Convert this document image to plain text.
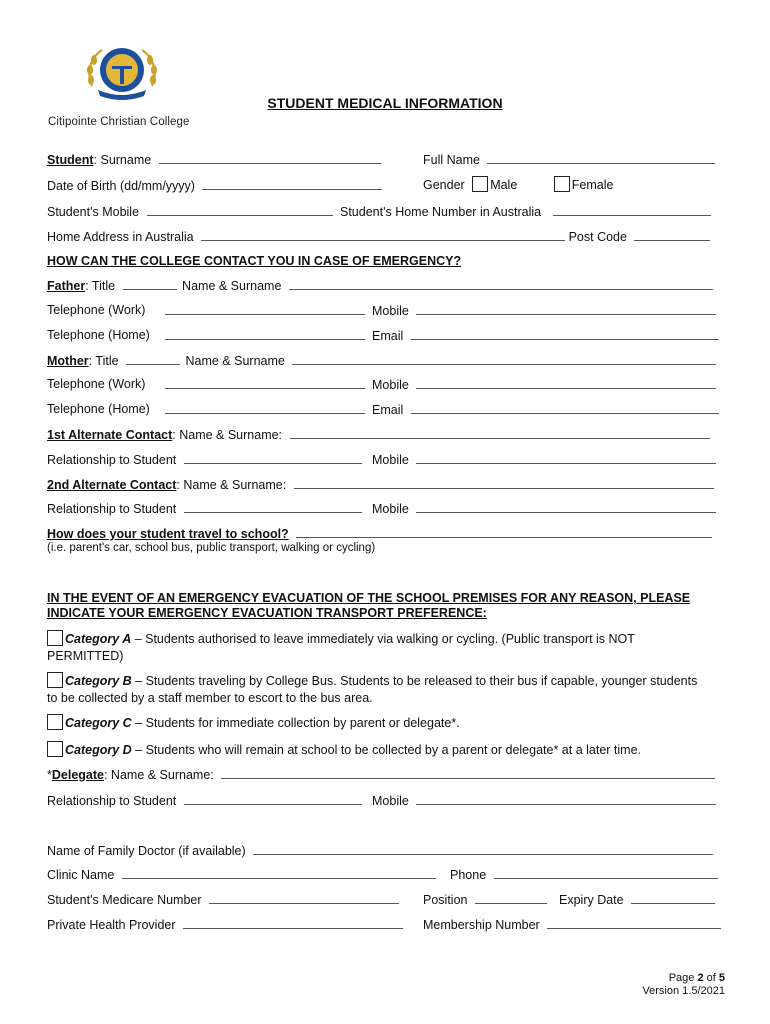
Citipointe Christian College
STUDENT MEDICAL INFORMATION
Student: Surname	Full Name
Date of Birth (dd/mm/yyyy)	Gender Male	Female
Student's Mobile	Student's Home Number in Australia
Home Address in Australia	Post Code
HOW CAN THE COLLEGE CONTACT YOU IN CASE OF EMERGENCY?
Father: Title	Name & Surname
Telephone (Work)	Mobile
Telephone (Home)	Email
Mother: Title	Name & Surname
Telephone (Work)	Mobile
Telephone (Home)	Email
1st Alternate Contact: Name & Surname:
Relationship to Student	Mobile
2nd Alternate Contact: Name & Surname:
Relationship to Student	Mobile
How does your student travel to school?
(i.e. parent's car, school bus, public transport, walking or cycling)
IN THE EVENT OF AN EMERGENCY EVACUATION OF THE SCHOOL PREMISES FOR ANY REASON, PLEASE
INDICATE YOUR EMERGENCY EVACUATION TRANSPORT PREFERENCE:
Category A – Students authorised to leave immediately via walking or cycling. (Public transport is NOT
PERMITTED)
Category B – Students traveling by College Bus. Students to be released to their bus if capable, younger students
to be collected by a staff member to escort to the bus area.
Category C – Students for immediate collection by parent or delegate*.
Category D – Students who will remain at school to be collected by a parent or delegate* at a later time.
*Delegate: Name & Surname:
Relationship to Student	Mobile
Name of Family Doctor (if available)
Clinic Name	Phone
Student's Medicare Number	Position	Expiry Date
Private Health Provider	Membership Number
Page 2 of 5
Version 1.5/2021
